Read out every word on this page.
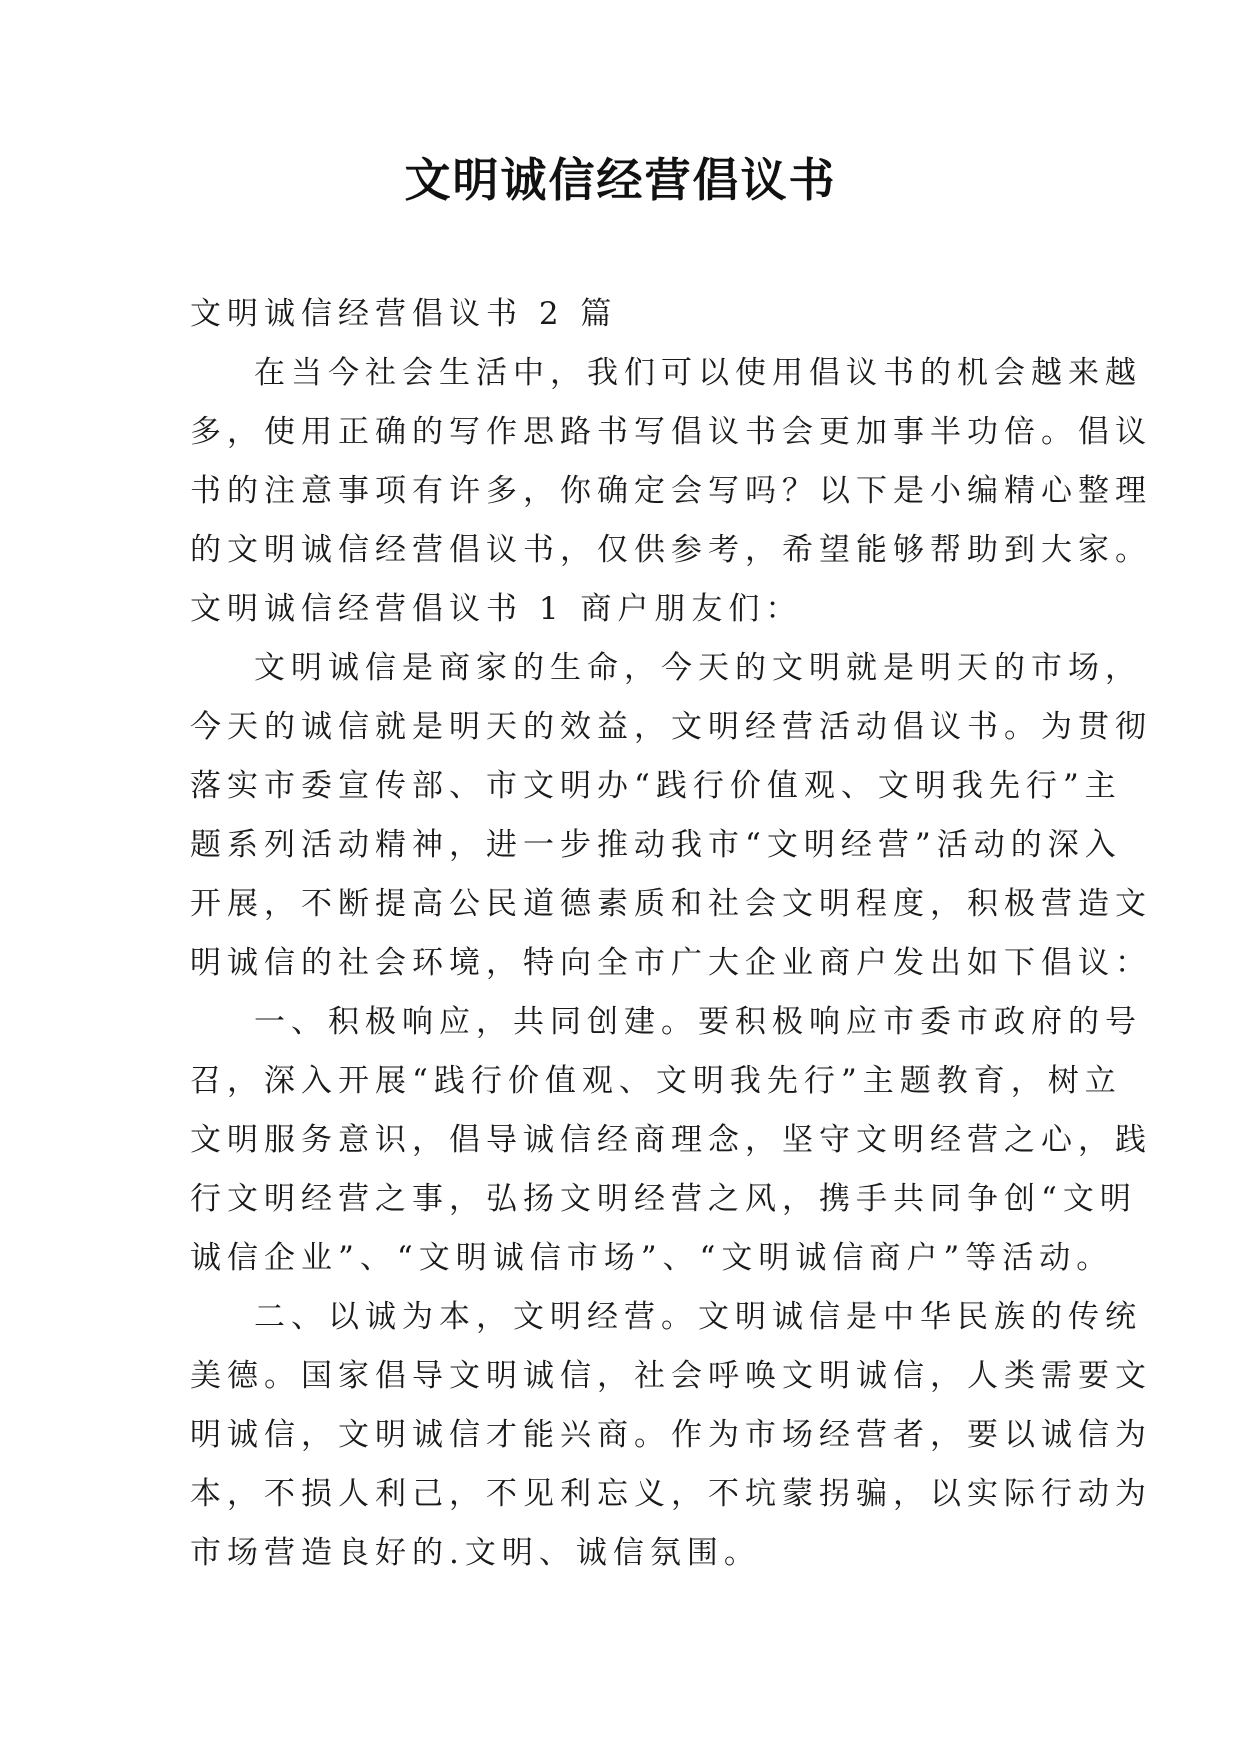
文明诚信经营倡议书
文明诚信经营倡议书 2 篇
在当今社会生活中，我们可以使用倡议书的机会越来越
多，使用正确的写作思路书写倡议书会更加事半功倍。倡议
书的注意事项有许多，你确定会写吗？以下是小编精心整理
的文明诚信经营倡议书，仅供参考，希望能够帮助到大家。
文明诚信经营倡议书 1 商户朋友们：
文明诚信是商家的生命，今天的文明就是明天的市场，
今天的诚信就是明天的效益，文明经营活动倡议书。为贯彻
落实市委宣传部、市文明办“践行价值观、文明我先行”主
题系列活动精神，进一步推动我市“文明经营”活动的深入
开展，不断提高公民道德素质和社会文明程度，积极营造文
明诚信的社会环境，特向全市广大企业商户发出如下倡议：
一、积极响应，共同创建。要积极响应市委市政府的号
召，深入开展“践行价值观、文明我先行”主题教育，树立
文明服务意识，倡导诚信经商理念，坚守文明经营之心，践
行文明经营之事，弘扬文明经营之风，携手共同争创“文明
诚信企业”、“文明诚信市场”、“文明诚信商户”等活动。
二、以诚为本，文明经营。文明诚信是中华民族的传统
美德。国家倡导文明诚信，社会呼唤文明诚信，人类需要文
明诚信，文明诚信才能兴商。作为市场经营者，要以诚信为
本，不损人利己，不见利忘义，不坑蒙拐骗，以实际行动为
市场营造良好的.文明、诚信氛围。
